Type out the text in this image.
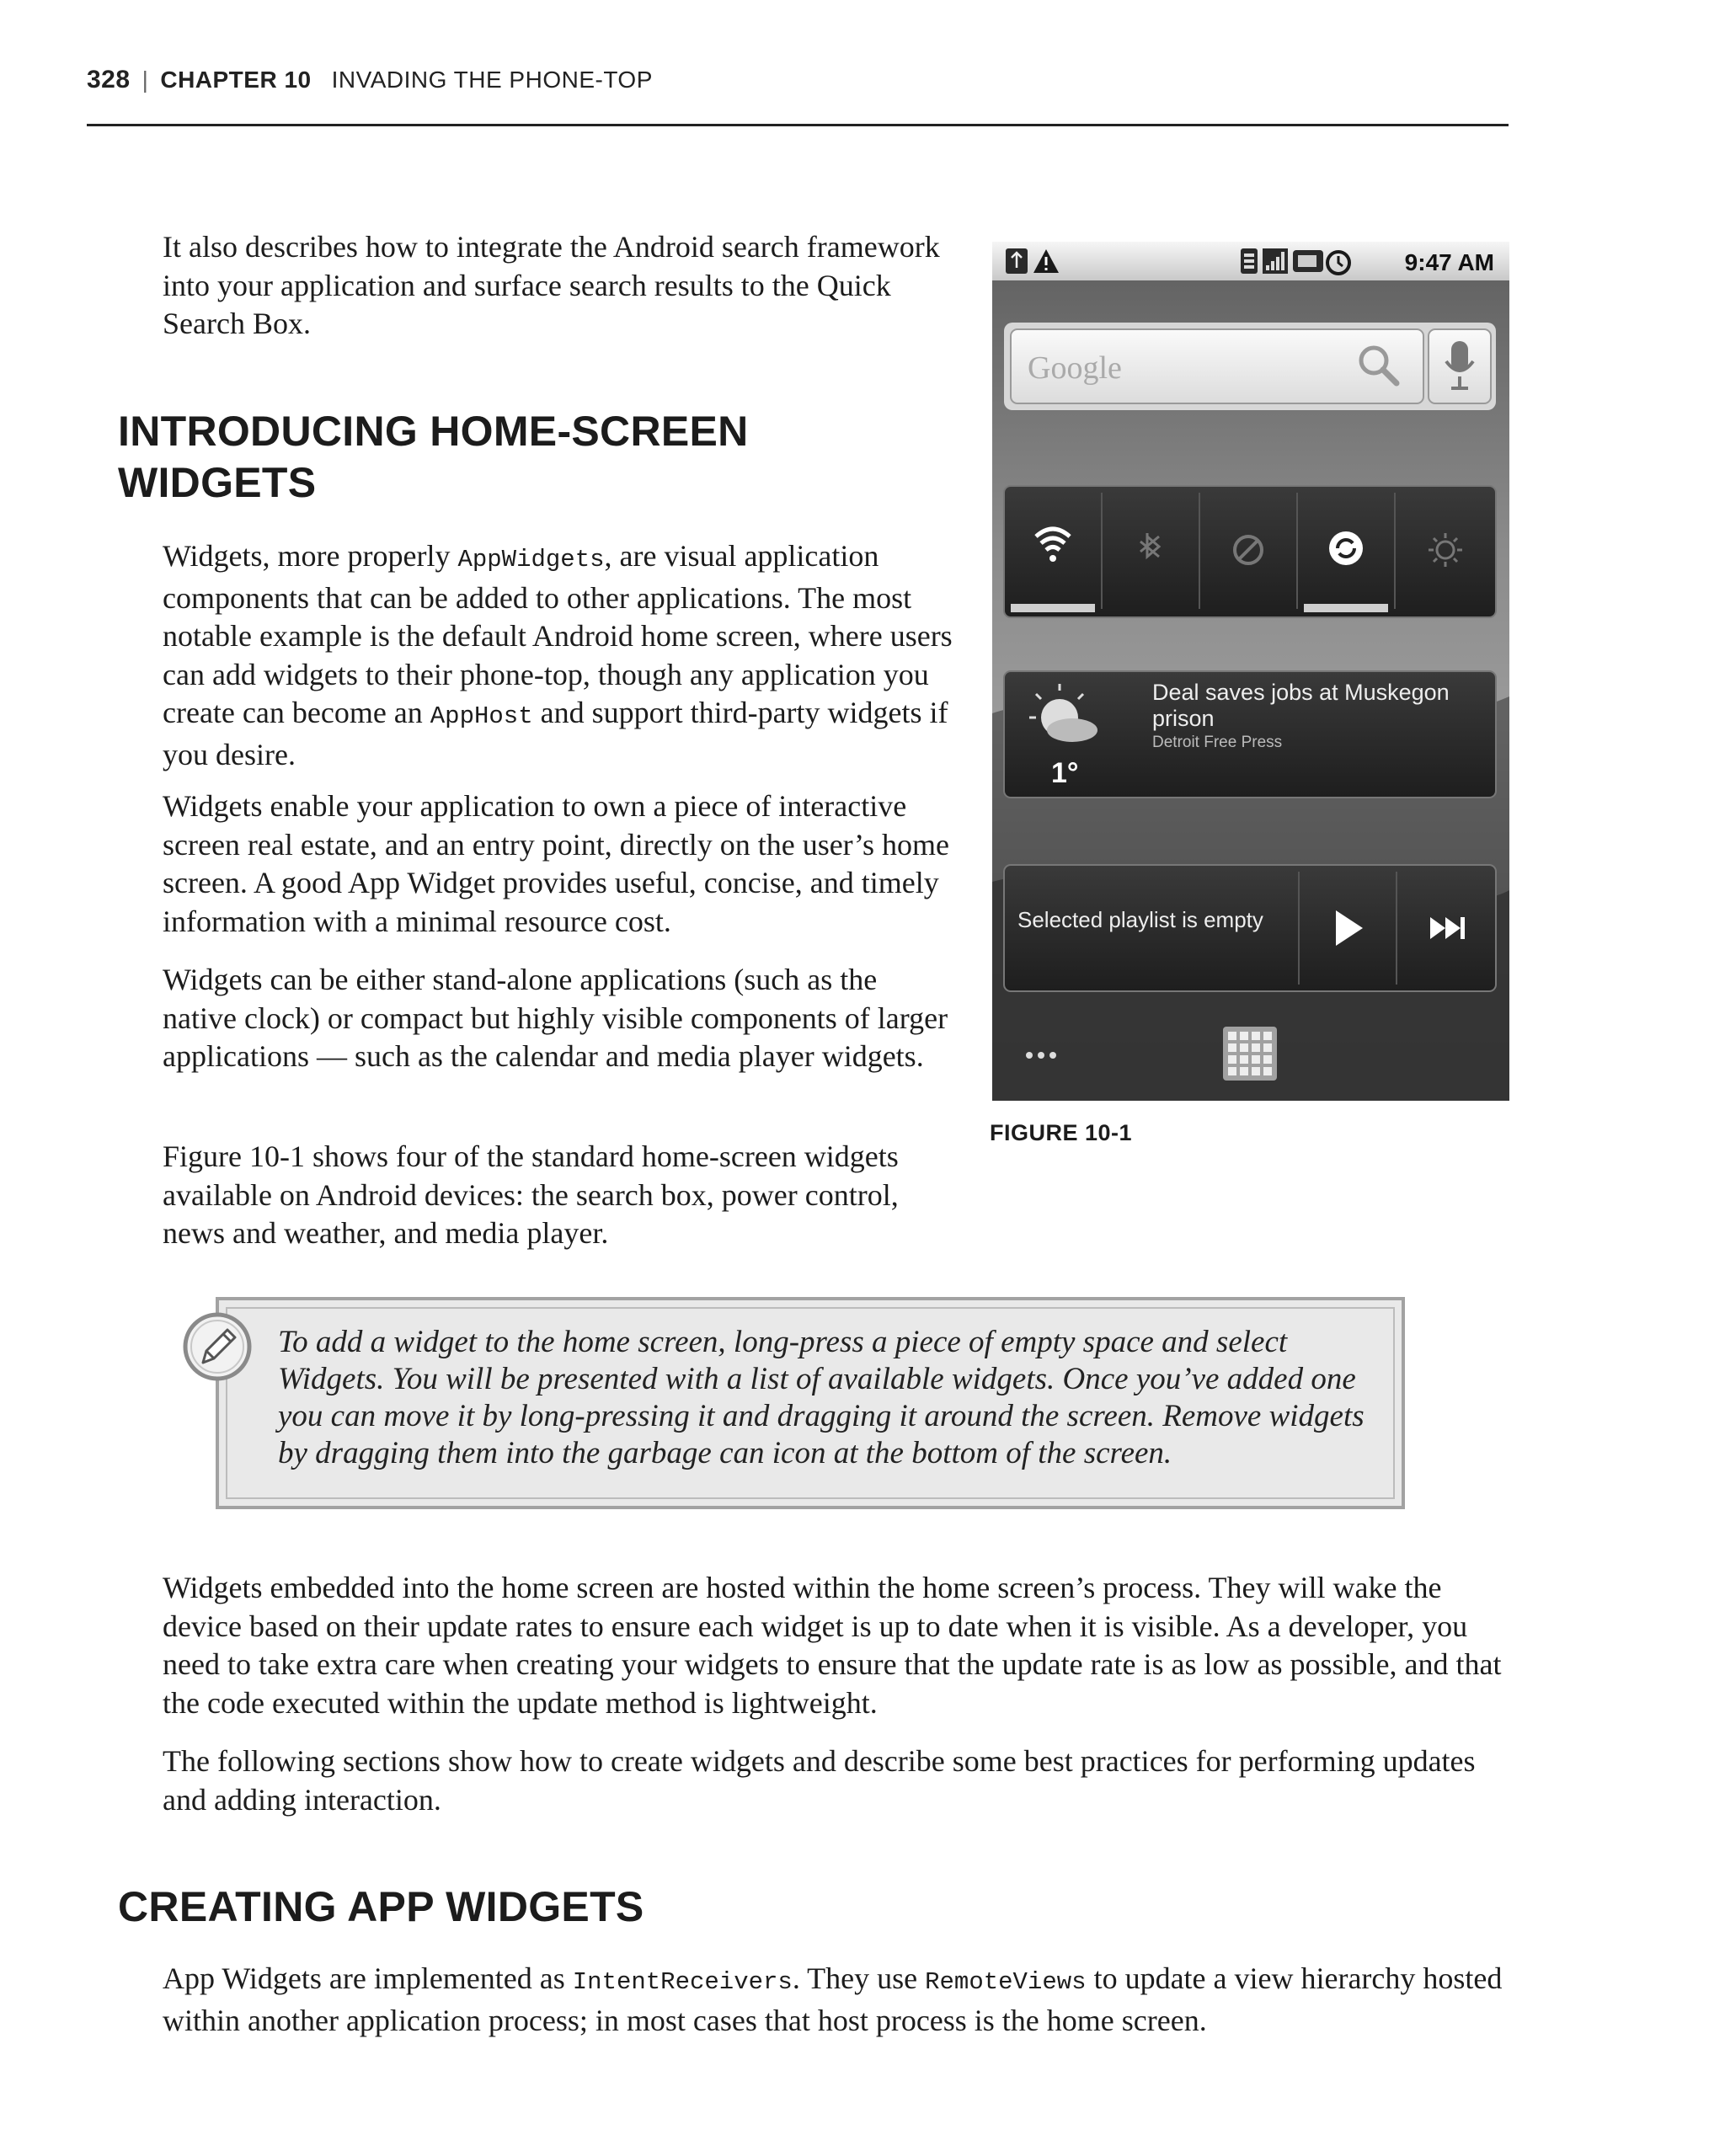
328 | CHAPTER 10 INVADING THE PHONE-TOP

It also describes how to integrate the Android search framework into your application and surface search results to the Quick Search Box.

INTRODUCING HOME-SCREEN
WIDGETS

Widgets, more properly AppWidgets, are visual application components that can be added to other applications. The most notable example is the default Android home screen, where users can add widgets to their phone-top, though any application you create can become an AppHost and support third-party widgets if you desire.

Widgets enable your application to own a piece of interactive screen real estate, and an entry point, directly on the user’s home screen. A good App Widget provides useful, concise, and timely information with a minimal resource cost.

Widgets can be either stand-alone applications (such as the native clock) or compact but highly visible components of larger applications — such as the calendar and media player widgets.

Figure 10-1 shows four of the standard home-screen widgets available on Android devices: the search box, power control, news and weather, and media player.

9:47 AM
Google
1°
Deal saves jobs at Muskegon prison
Detroit Free Press
Selected playlist is empty
FIGURE 10-1

To add a widget to the home screen, long-press a piece of empty space and select Widgets. You will be presented with a list of available widgets. Once you’ve added one you can move it by long-pressing it and dragging it around the screen. Remove widgets by dragging them into the garbage can icon at the bottom of the screen.

Widgets embedded into the home screen are hosted within the home screen’s process. They will wake the device based on their update rates to ensure each widget is up to date when it is visible. As a developer, you need to take extra care when creating your widgets to ensure that the update rate is as low as possible, and that the code executed within the update method is lightweight.

The following sections show how to create widgets and describe some best practices for performing updates and adding interaction.

CREATING APP WIDGETS

App Widgets are implemented as IntentReceivers. They use RemoteViews to update a view hierarchy hosted within another application process; in most cases that host process is the home screen.
